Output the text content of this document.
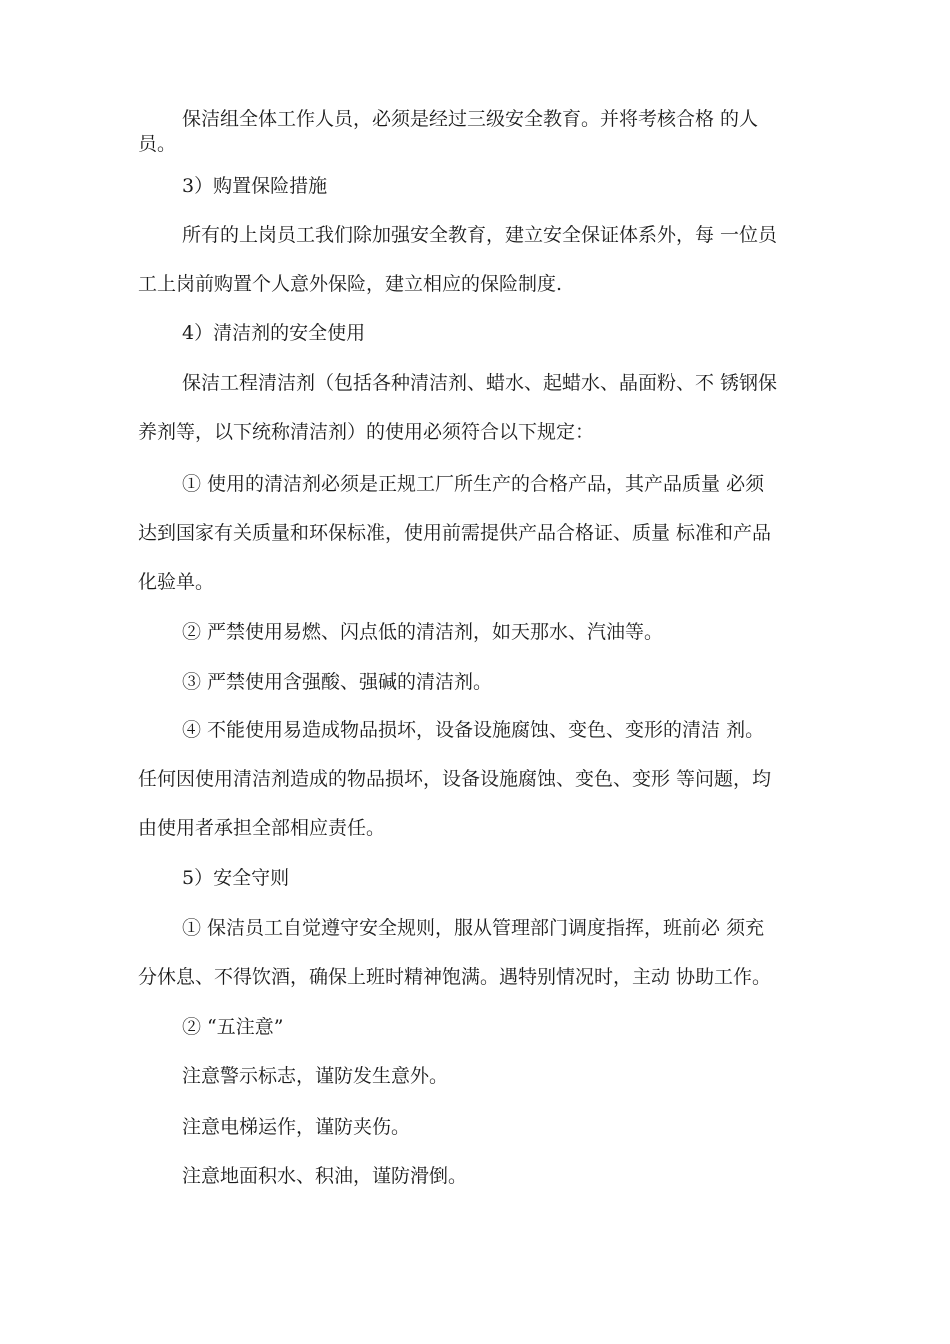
保洁组全体工作人员，必须是经过三级安全教育。并将考核合格 的人
员。
3）购置保险措施
所有的上岗员工我们除加强安全教育，建立安全保证体系外，每 一位员
工上岗前购置个人意外保险，建立相应的保险制度.
4）清洁剂的安全使用
保洁工程清洁剂（包括各种清洁剂、蜡水、起蜡水、晶面粉、不 锈钢保
养剂等，以下统称清洁剂）的使用必须符合以下规定：
① 使用的清洁剂必须是正规工厂所生产的合格产品，其产品质量 必须
达到国家有关质量和环保标准，使用前需提供产品合格证、质量 标准和产品
化验单。
② 严禁使用易燃、闪点低的清洁剂，如天那水、汽油等。
③ 严禁使用含强酸、强碱的清洁剂。
④ 不能使用易造成物品损坏，设备设施腐蚀、变色、变形的清洁 剂。
任何因使用清洁剂造成的物品损坏，设备设施腐蚀、变色、变形 等问题，均
由使用者承担全部相应责任。
5）安全守则
① 保洁员工自觉遵守安全规则，服从管理部门调度指挥，班前必 须充
分休息、不得饮酒，确保上班时精神饱满。遇特别情况时，主动 协助工作。
② “五注意”
注意警示标志，谨防发生意外。
注意电梯运作，谨防夹伤。
注意地面积水、积油，谨防滑倒。
